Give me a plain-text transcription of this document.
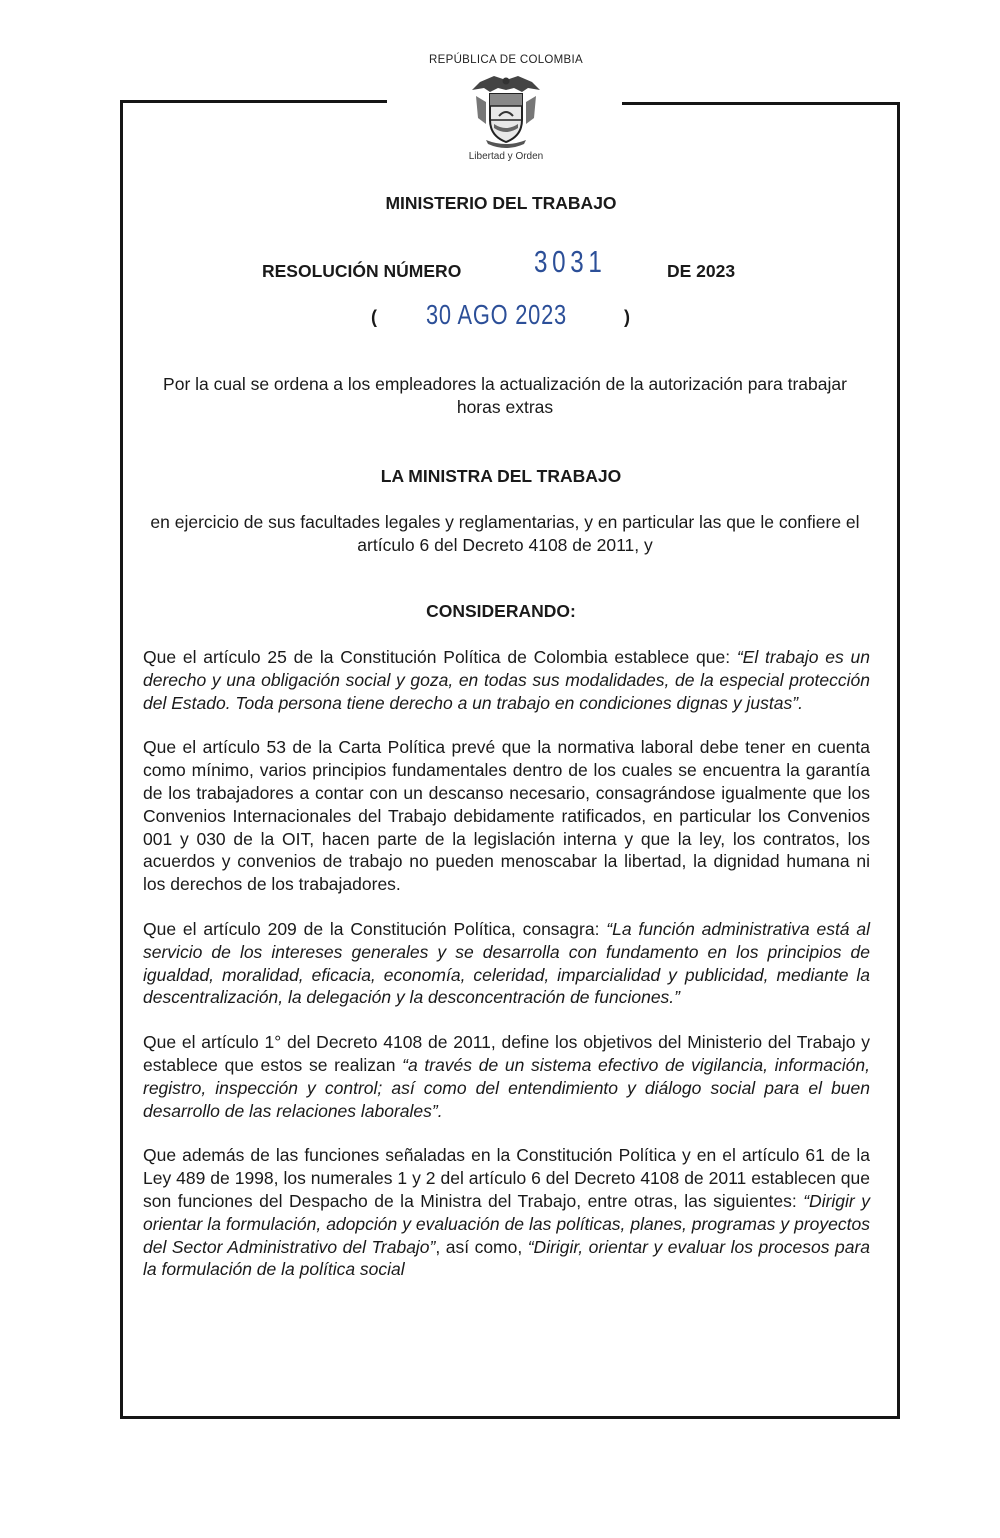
REPÚBLICA DE COLOMBIA
Libertad y Orden
MINISTERIO DEL TRABAJO
RESOLUCIÓN NÚMERO 3031	DE 2023
( 30 AGO 2023	)
Por la cual se ordena a los empleadores la actualización de la autorización para trabajar horas extras
LA MINISTRA DEL TRABAJO
en ejercicio de sus facultades legales y reglamentarias, y en particular las que le confiere el artículo 6 del Decreto 4108 de 2011, y
CONSIDERANDO:

Que el artículo 25 de la Constitución Política de Colombia establece que: “El trabajo es un derecho y una obligación social y goza, en todas sus modalidades, de la especial protección del Estado. Toda persona tiene derecho a un trabajo en condiciones dignas y justas”.

Que el artículo 53 de la Carta Política prevé que la normativa laboral debe tener en cuenta como mínimo, varios principios fundamentales dentro de los cuales se encuentra la garantía de los trabajadores a contar con un descanso necesario, consagrándose igualmente que los Convenios Internacionales del Trabajo debidamente ratificados, en particular los Convenios 001 y 030 de la OIT, hacen parte de la legislación interna y que la ley, los contratos, los acuerdos y convenios de trabajo no pueden menoscabar la libertad, la dignidad humana ni los derechos de los trabajadores.

Que el artículo 209 de la Constitución Política, consagra: “La función administrativa está al servicio de los intereses generales y se desarrolla con fundamento en los principios de igualdad, moralidad, eficacia, economía, celeridad, imparcialidad y publicidad, mediante la descentralización, la delegación y la desconcentración de funciones.”

Que el artículo 1° del Decreto 4108 de 2011, define los objetivos del Ministerio del Trabajo y establece que estos se realizan “a través de un sistema efectivo de vigilancia, información, registro, inspección y control; así como del entendimiento y diálogo social para el buen desarrollo de las relaciones laborales”.

Que además de las funciones señaladas en la Constitución Política y en el artículo 61 de la Ley 489 de 1998, los numerales 1 y 2 del artículo 6 del Decreto 4108 de 2011 establecen que son funciones del Despacho de la Ministra del Trabajo, entre otras, las siguientes: “Dirigir y orientar la formulación, adopción y evaluación de las políticas, planes, programas y proyectos del Sector Administrativo del Trabajo”, así como, “Dirigir, orientar y evaluar los procesos para la formulación de la política social
